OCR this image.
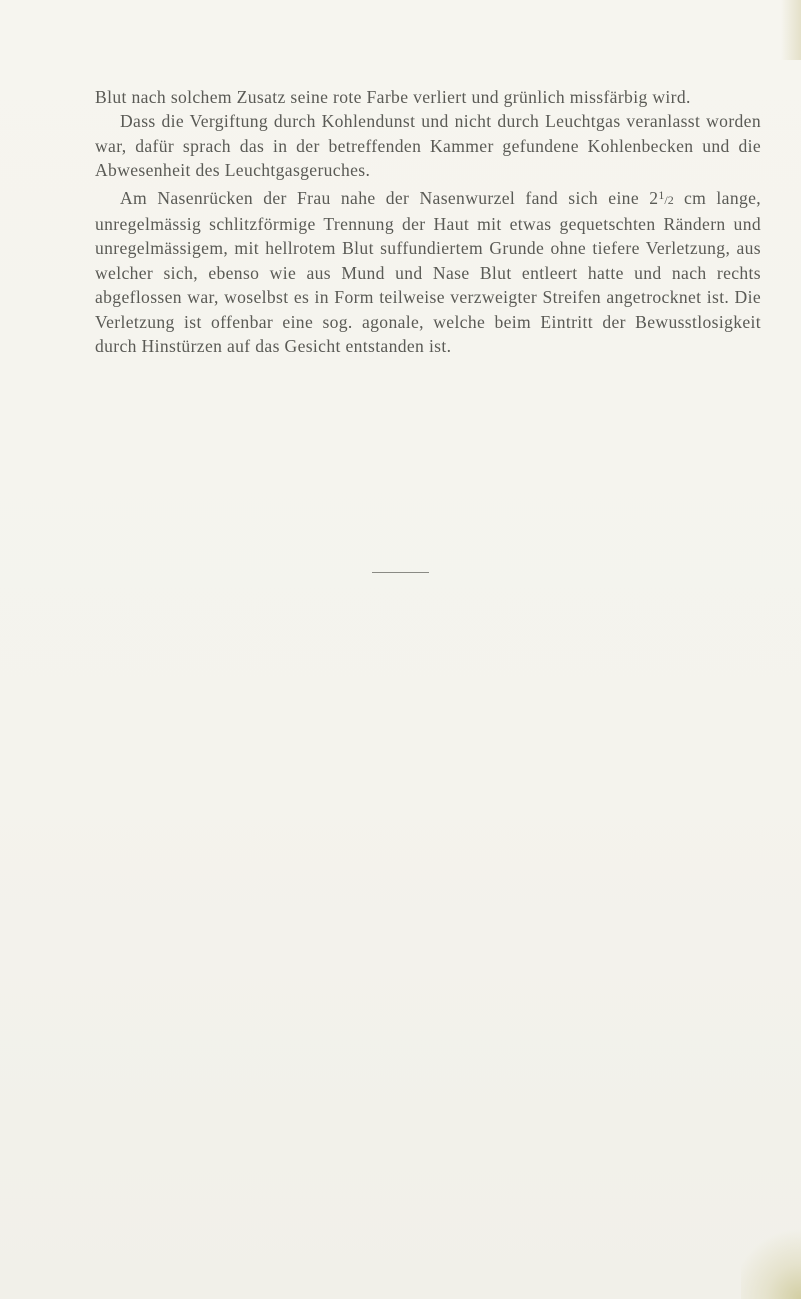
Blut nach solchem Zusatz seine rote Farbe verliert und grünlich missfärbig wird.

Dass die Vergiftung durch Kohlendunst und nicht durch Leuchtgas veranlasst worden war, dafür sprach das in der betreffenden Kammer gefundene Kohlenbecken und die Abwesenheit des Leuchtgasgeruches.

Am Nasenrücken der Frau nahe der Nasenwurzel fand sich eine $2^1/2$ cm lange, unregelmässig schlitzförmige Trennung der Haut mit etwas gequetschten Rändern und unregelmässigem, mit hellrotem Blut suffundiertem Grunde ohne tiefere Verletzung, aus welcher sich, ebenso wie aus Mund und Nase Blut entleert hatte und nach rechts abgeflossen war, woselbst es in Form teilweise verzweigter Streifen angetrocknet ist. Die Verletzung ist offenbar eine sog. agonale, welche beim Eintritt der Bewusstlosigkeit durch Hinstürzen auf das Gesicht entstanden ist.
